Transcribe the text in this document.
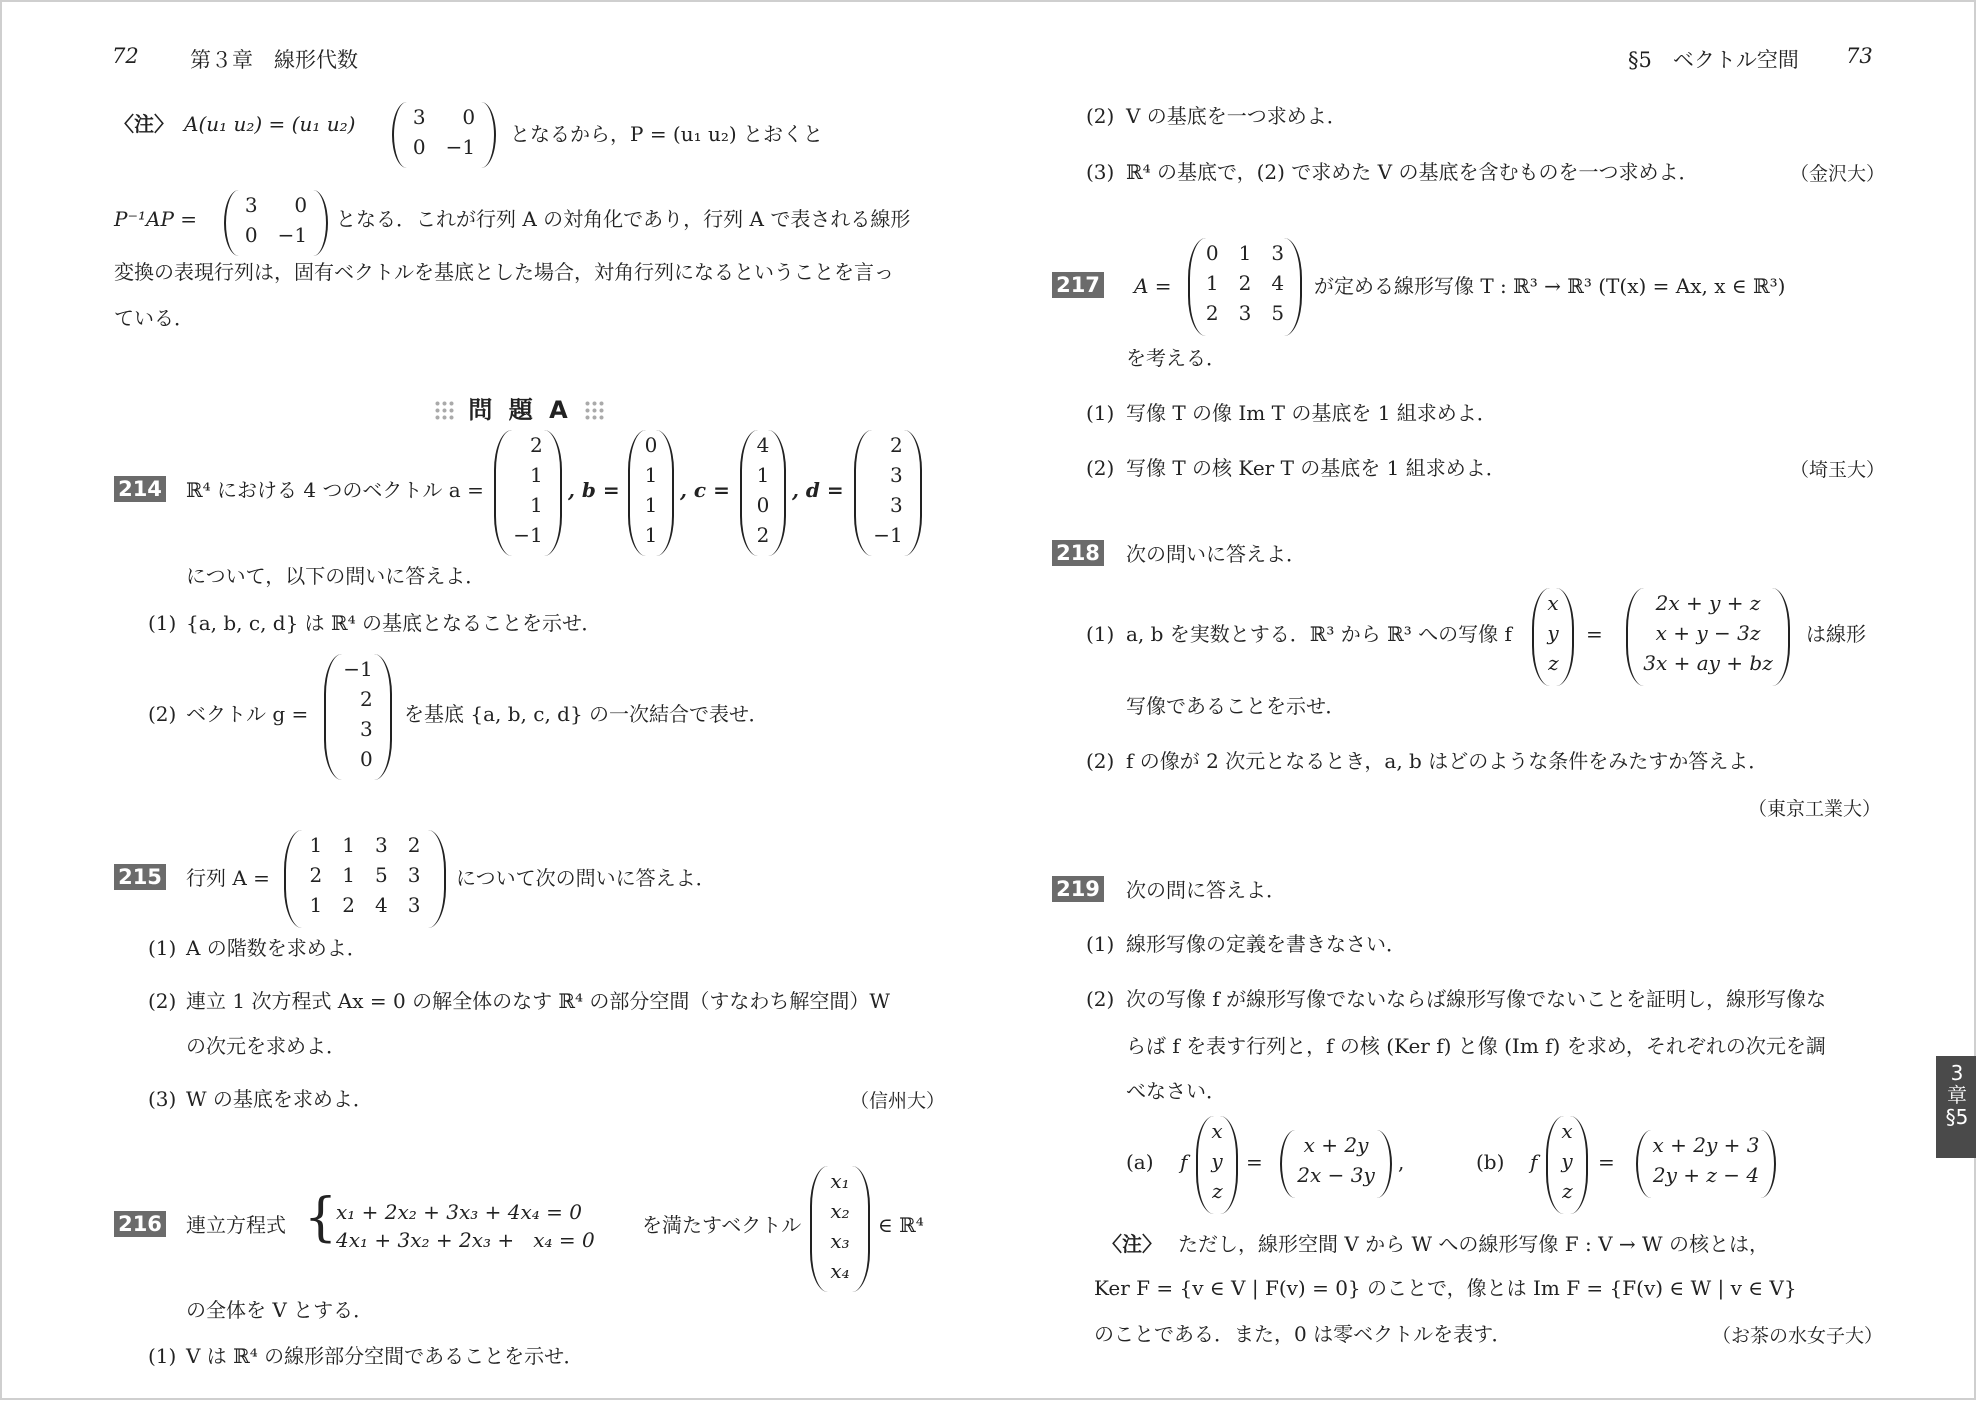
72 第３章　線形代数
〈注〉 A(u₁ u₂) = (u₁ u₂)	3	0
0	−1
となるから，P = (u₁ u₂) とおくと
P⁻¹AP =
3	0
0	−1
となる．これが行列 A の対角化であり，行列 A で表される線形
変換の表現行列は，固有ベクトルを基底とした場合，対角行列になるということを言っ
ている．
問 題 A
214 ℝ⁴ における 4 つのベクトル a =
2
1
1
−1
, b =
0
1
1
1
, c =
4
1
0
2
, d =
2
3
3
−1
について，以下の問いに答えよ．
(1) {a, b, c, d} は ℝ⁴ の基底となることを示せ．
(2) ベクトル g =
−1
2
3
0
を基底 {a, b, c, d} の一次結合で表せ．
215 行列 A =
1	1	3	2
2	1	5	3
1	2	4	3
について次の問いに答えよ．
(1) A の階数を求めよ．
(2) 連立 1 次方程式 Ax = 0 の解全体のなす ℝ⁴ の部分空間（すなわち解空間）W
の次元を求めよ．
(3) W の基底を求めよ．	（信州大）
216 連立方程式 {
x₁ + 2x₂ + 3x₃ + 4x₄ = 0
4x₁ + 3x₂ + 2x₃ +   x₄ = 0
を満たすベクトル
x₁
x₂
x₃
x₄
∈ ℝ⁴
の全体を V とする．
(1) V は ℝ⁴ の線形部分空間であることを示せ．
§5　ベクトル空間 73
(2) V の基底を一つ求めよ．
(3) ℝ⁴ の基底で，(2) で求めた V の基底を含むものを一つ求めよ．	（金沢大）
217 A =
0	1	3
1	2	4
2	3	5
が定める線形写像 T : ℝ³ → ℝ³ (T(x) = Ax, x ∈ ℝ³)
を考える．
(1) 写像 T の像 Im T の基底を 1 組求めよ．
(2) 写像 T の核 Ker T の基底を 1 組求めよ．	（埼玉大）
218 次の問いに答えよ．
(1) a, b を実数とする．ℝ³ から ℝ³ への写像 f
x
y
z
=
2x + y + z
x + y − 3z
3x + ay + bz
は線形
写像であることを示せ．
(2) f の像が 2 次元となるとき，a, b はどのような条件をみたすか答えよ．
（東京工業大）
219 次の問に答えよ．
(1) 線形写像の定義を書きなさい．
(2) 次の写像 f が線形写像でないならば線形写像でないことを証明し，線形写像な
らば f を表す行列と，f の核 (Ker f) と像 (Im f) を求め，それぞれの次元を調
べなさい．
(a) f
x
y
z
=
x + 2y
2x − 3y
,	(b) f
x
y
z
=
x + 2y + 3
2y + z − 4
〈注〉 ただし，線形空間 V から W への線形写像 F : V → W の核とは，
Ker F = {v ∈ V | F(v) = 0} のことで，像とは Im F = {F(v) ∈ W | v ∈ V}
のことである．また，0 は零ベクトルを表す．	（お茶の水女子大）
3
章
§5
